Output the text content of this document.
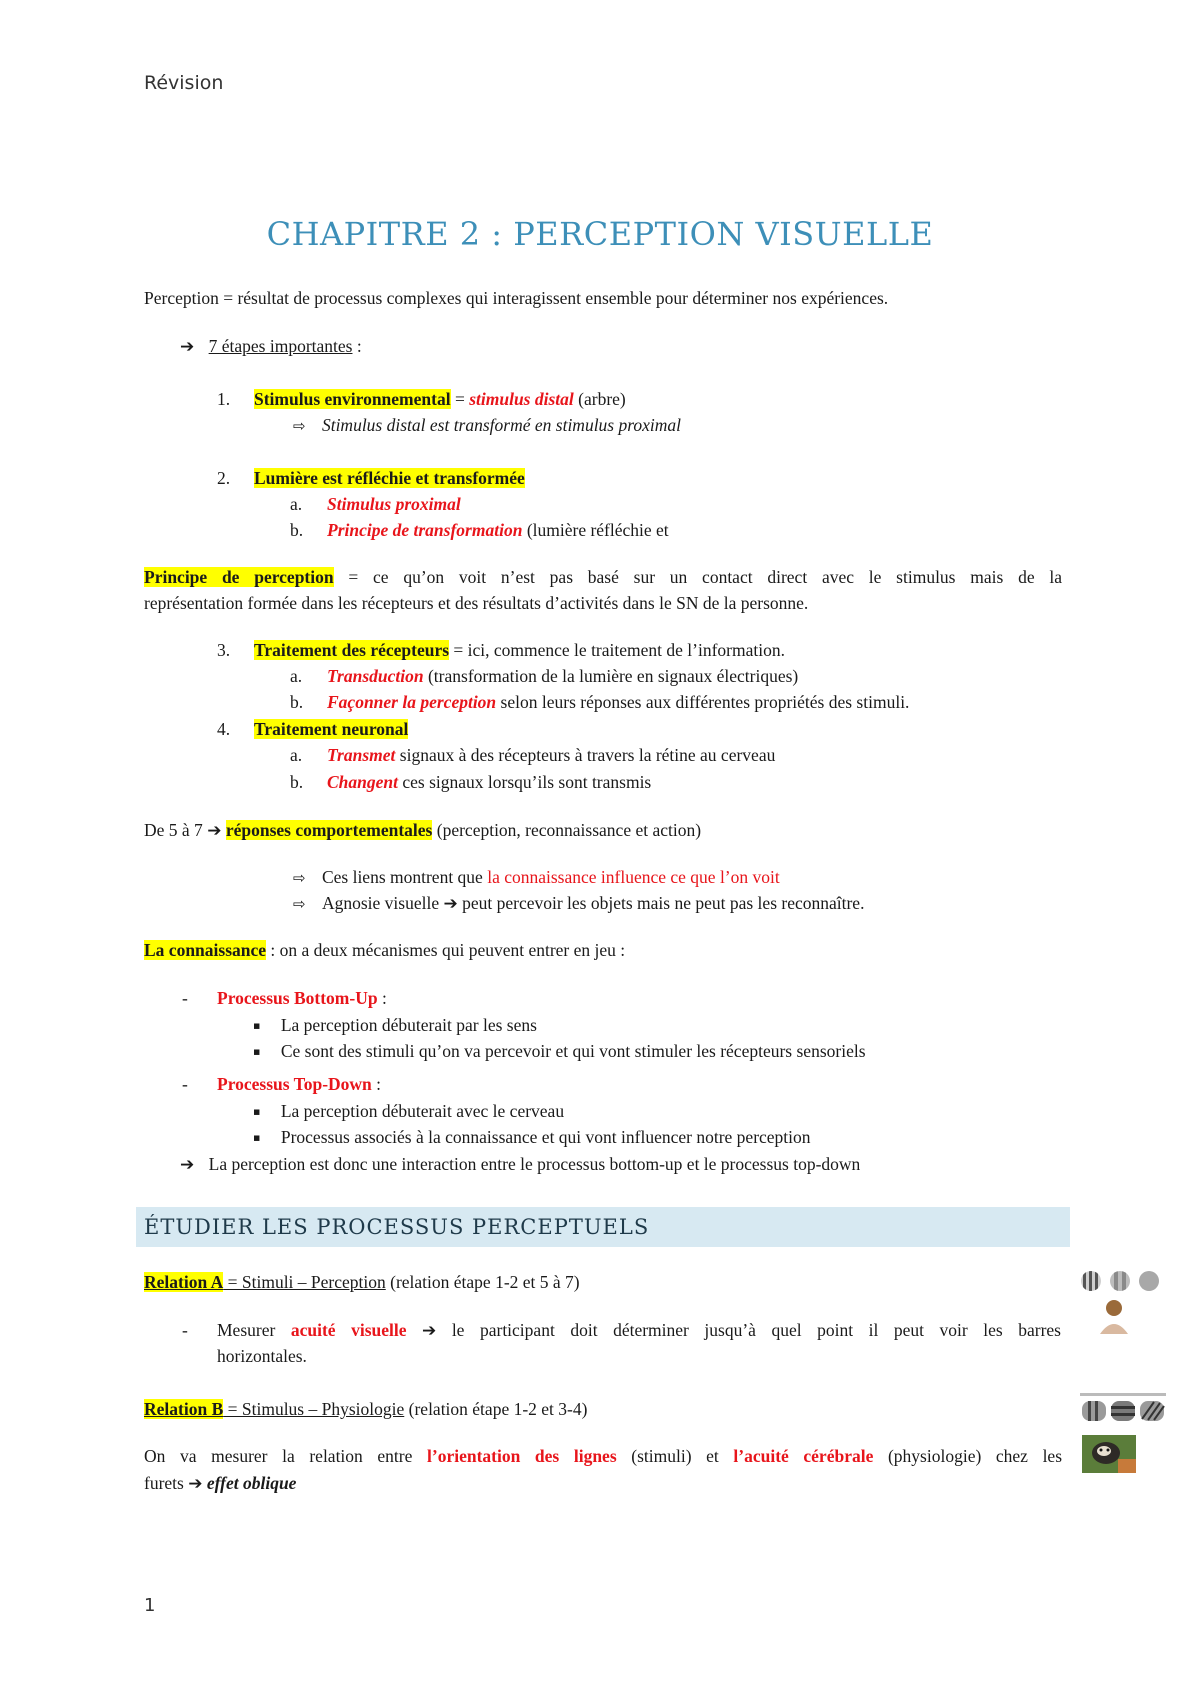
Révision
CHAPITRE 2 : PERCEPTION VISUELLE
Perception = résultat de processus complexes qui interagissent ensemble pour déterminer nos expériences.
➔ 7 étapes importantes :
1. Stimulus environnemental = stimulus distal (arbre)
⇨ Stimulus distal est transformé en stimulus proximal
2. Lumière est réfléchie et transformée
a. Stimulus proximal
b. Principe de transformation (lumière réfléchie et
Principe de perception = ce qu’on voit n’est pas basé sur un contact direct avec le stimulus mais de la
représentation formée dans les récepteurs et des résultats d’activités dans le SN de la personne.
3. Traitement des récepteurs = ici, commence le traitement de l’information.
a. Transduction (transformation de la lumière en signaux électriques)
b. Façonner la perception selon leurs réponses aux différentes propriétés des stimuli.
4. Traitement neuronal
a. Transmet signaux à des récepteurs à travers la rétine au cerveau
b. Changent ces signaux lorsqu’ils sont transmis
De 5 à 7 ➔ réponses comportementales (perception, reconnaissance et action)
⇨ Ces liens montrent que la connaissance influence ce que l’on voit
⇨ Agnosie visuelle ➔ peut percevoir les objets mais ne peut pas les reconnaître.
La connaissance : on a deux mécanismes qui peuvent entrer en jeu :
- Processus Bottom-Up :
▪ La perception débuterait par les sens
▪ Ce sont des stimuli qu’on va percevoir et qui vont stimuler les récepteurs sensoriels
- Processus Top-Down :
▪ La perception débuterait avec le cerveau
▪ Processus associés à la connaissance et qui vont influencer notre perception
➔ La perception est donc une interaction entre le processus bottom-up et le processus top-down
ÉTUDIER LES PROCESSUS PERCEPTUELS
Relation A = Stimuli – Perception (relation étape 1-2 et 5 à 7)
- Mesurer acuité visuelle ➔ le participant doit déterminer jusqu’à quel point il peut voir les barres
horizontales.
Relation B = Stimulus – Physiologie (relation étape 1-2 et 3-4)
On va mesurer la relation entre l’orientation des lignes (stimuli) et l’acuité cérébrale (physiologie) chez les
furets ➔ effet oblique
1
